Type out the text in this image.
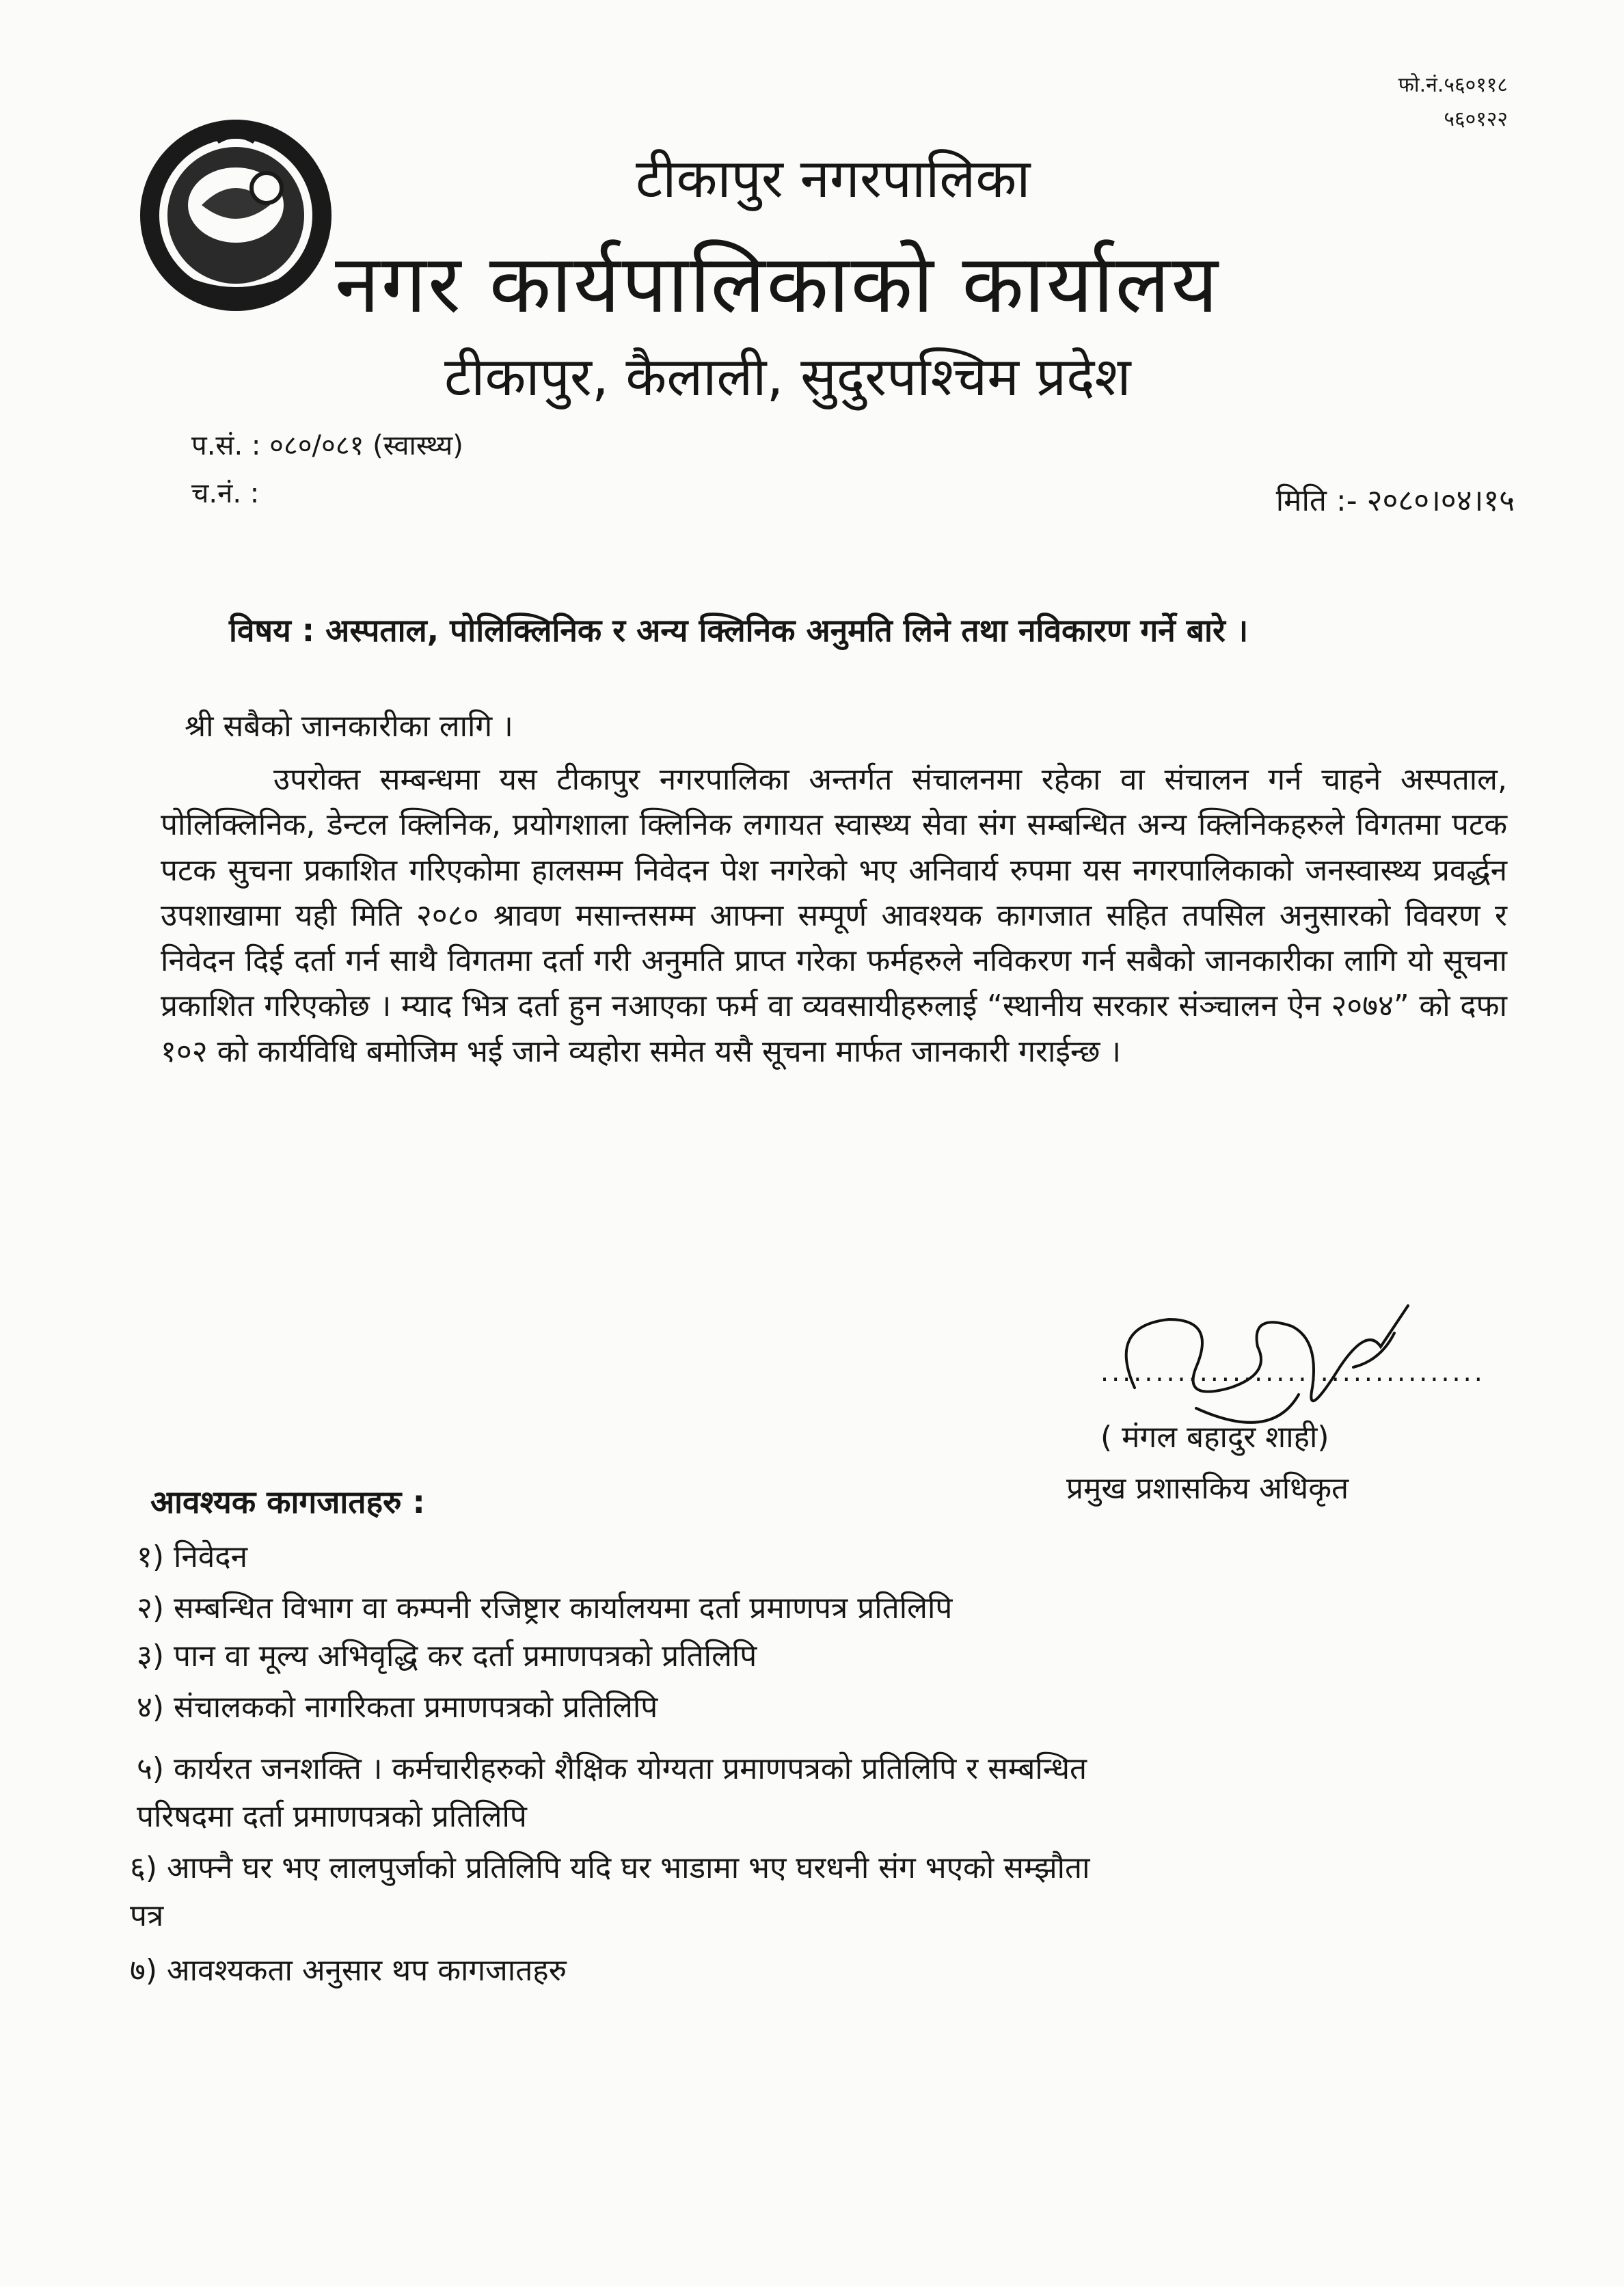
फो.नं.५६०११८
५६०१२२
टीकापुर नगरपालिका
नगर कार्यपालिकाको कार्यालय
टीकापुर, कैलाली, सुदुरपश्चिम प्रदेश
प.सं. : ०८०/०८१ (स्वास्थ्य)
च.नं. :	मिति :- २०८०।०४।१५
विषय : अस्पताल, पोलिक्लिनिक र अन्य क्लिनिक अनुमति लिने तथा नविकारण गर्ने बारे ।
श्री सबैको जानकारीका लागि ।
उपरोक्त सम्बन्धमा यस टीकापुर नगरपालिका अन्तर्गत संचालनमा रहेका वा संचालन गर्न चाहने अस्पताल, पोलिक्लिनिक, डेन्टल क्लिनिक, प्रयोगशाला क्लिनिक लगायत स्वास्थ्य सेवा संग सम्बन्धित अन्य क्लिनिकहरुले विगतमा पटक पटक सुचना प्रकाशित गरिएकोमा हालसम्म निवेदन पेश नगरेको भए अनिवार्य रुपमा यस नगरपालिकाको जनस्वास्थ्य प्रवर्द्धन उपशाखामा यही मिति २०८० श्रावण मसान्तसम्म आफ्ना सम्पूर्ण आवश्यक कागजात सहित तपसिल अनुसारको विवरण र निवेदन दिई दर्ता गर्न साथै विगतमा दर्ता गरी अनुमति प्राप्त गरेका फर्महरुले नविकरण गर्न सबैको जानकारीका लागि यो सूचना प्रकाशित गरिएकोछ । म्याद भित्र दर्ता हुन नआएका फर्म वा व्यवसायीहरुलाई “स्थानीय सरकार संञ्चालन ऐन २०७४” को दफा १०२ को कार्यविधि बमोजिम भई जाने व्यहोरा समेत यसै सूचना मार्फत जानकारी गराईन्छ ।
...................................
( मंगल बहादुर शाही)
प्रमुख प्रशासकिय अधिकृत
आवश्यक कागजातहरु :
१) निवेदन
२) सम्बन्धित विभाग वा कम्पनी रजिष्ट्रार कार्यालयमा दर्ता प्रमाणपत्र प्रतिलिपि
३) पान वा मूल्य अभिवृद्धि कर दर्ता प्रमाणपत्रको प्रतिलिपि
४) संचालकको नागरिकता प्रमाणपत्रको प्रतिलिपि
५) कार्यरत जनशक्ति । कर्मचारीहरुको शैक्षिक योग्यता प्रमाणपत्रको प्रतिलिपि र सम्बन्धित
परिषदमा दर्ता प्रमाणपत्रको प्रतिलिपि
६) आफ्नै घर भए लालपुर्जाको प्रतिलिपि यदि घर भाडामा भए घरधनी संग भएको सम्झौता
पत्र
७) आवश्यकता अनुसार थप कागजातहरु
